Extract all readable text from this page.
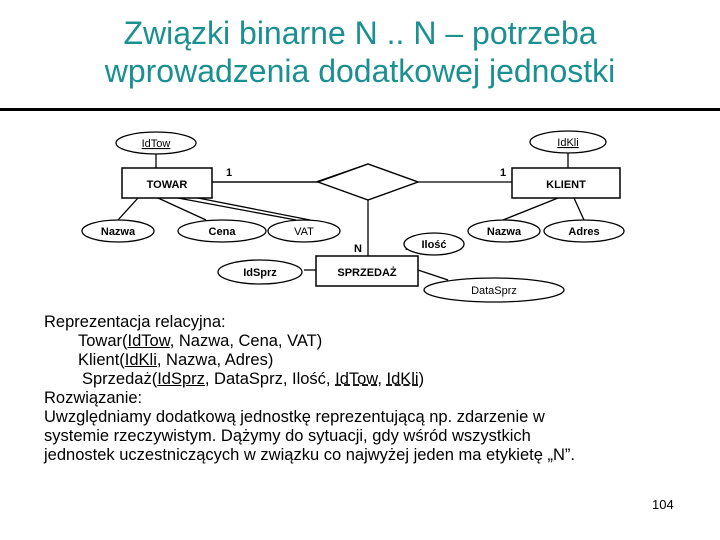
Związki binarne N .. N – potrzeba
wprowadzenia dodatkowej jednostki
TOWAR	KLIENT
SPRZEDAŻ
IdTow	IdKli
Nazwa	Cena	VAT
Ilość
Nazwa	Adres
IdSprz
DataSprz
1	1
N
Reprezentacja relacyjna:
Towar(IdTow, Nazwa, Cena, VAT)
Klient(IdKli, Nazwa, Adres)
Sprzedaż(IdSprz, DataSprz, Ilość, IdTow, IdKli)
Rozwiązanie:
Uwzględniamy dodatkową jednostkę reprezentującą np. zdarzenie w
systemie rzeczywistym. Dążymy do sytuacji, gdy wśród wszystkich
jednostek uczestniczących w związku co najwyżej jeden ma etykietę „N”.
104
